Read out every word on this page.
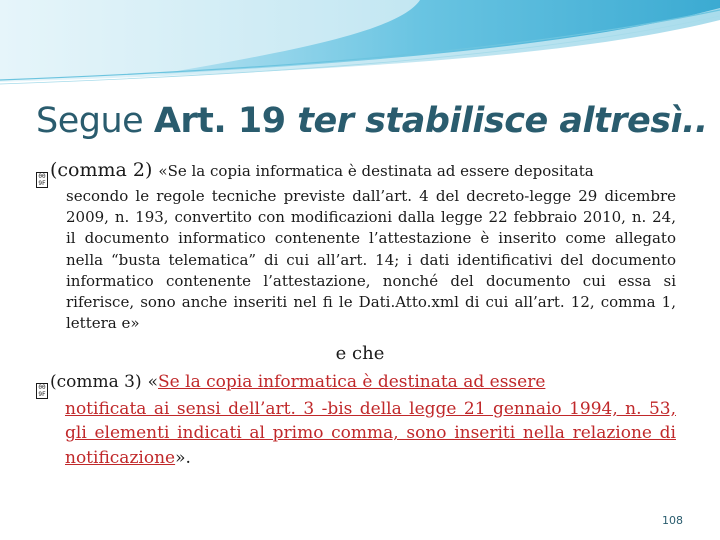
Segue Art. 19 ter stabilisce altresì..
00
9F
(comma 2) «Se la copia informatica è destinata ad essere depositata
secondo le regole tecniche previste dall’art. 4 del decreto-legge 29 dicembre 2009, n. 193, convertito con modificazioni dalla legge 22 febbraio 2010, n. 24, il documento informatico contenente l’attestazione è inserito come allegato nella “busta telematica” di cui all’art. 14; i dati identificativi del documento informatico contenente l’attestazione, nonché del documento cui essa si riferisce, sono anche inseriti nel fi le Dati.Atto.xml di cui all’art. 12, comma 1, lettera e»
e che
00
9F
(comma 3) « Se la copia informatica è destinata ad essere
notificata ai sensi dell’art. 3 -bis della legge 21 gennaio 1994, n. 53, gli elementi indicati al primo comma, sono inseriti nella relazione di notificazione».
108
